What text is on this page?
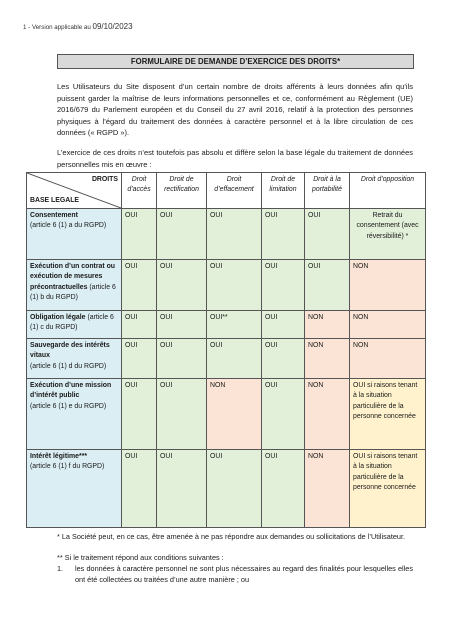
1 - Version applicable au 09/10/2023
FORMULAIRE DE DEMANDE D’EXERCICE DES DROITS*

Les Utilisateurs du Site disposent d’un certain nombre de droits afférents à leurs données afin qu’ils puissent garder la maîtrise de leurs informations personnelles et ce, conformément au Règlement (UE) 2016/679 du Parlement européen et du Conseil du 27 avril 2016, relatif à la protection des personnes physiques à l’égard du traitement des données à caractère personnel et à la libre circulation de ces données (« RGPD »).

L’exercice de ces droits n’est toutefois pas absolu et diffère selon la base légale du traitement de données personnelles mis en œuvre :

DROITS
BASE LEGALE	Droit d’accès	Droit de rectification	Droit d’effacement	Droit de limitation	Droit à la portabilité	Droit d’opposition
Consentement
(article 6 (1) a du RGPD)	OUI	OUI	OUI	OUI	OUI	Retrait du consentement (avec réversibilité) *
Exécution d’un contrat ou exécution de mesures précontractuelles (article 6 (1) b du RGPD)	OUI	OUI	OUI	OUI	OUI	NON
Obligation légale (article 6 (1) c du RGPD)	OUI	OUI	OUI**	OUI	NON	NON
Sauvegarde des intérêts vitaux
(article 6 (1) d du RGPD)	OUI	OUI	OUI	OUI	NON	NON
Exécution d’une mission d’intérêt public
(article 6 (1) e du RGPD)	OUI	OUI	NON	OUI	NON	OUI si raisons tenant à la situation particulière de la personne concernée
Intérêt légitime***
(article 6 (1) f du RGPD)	OUI	OUI	OUI	OUI	NON	OUI si raisons tenant à la situation particulière de la personne concernée

* La Société peut, en ce cas, être amenée à ne pas répondre aux demandes ou sollicitations de l’Utilisateur.

** Si le traitement répond aux conditions suivantes :

1. les données à caractère personnel ne sont plus nécessaires au regard des finalités pour lesquelles elles ont été collectées ou traitées d’une autre manière ; ou
